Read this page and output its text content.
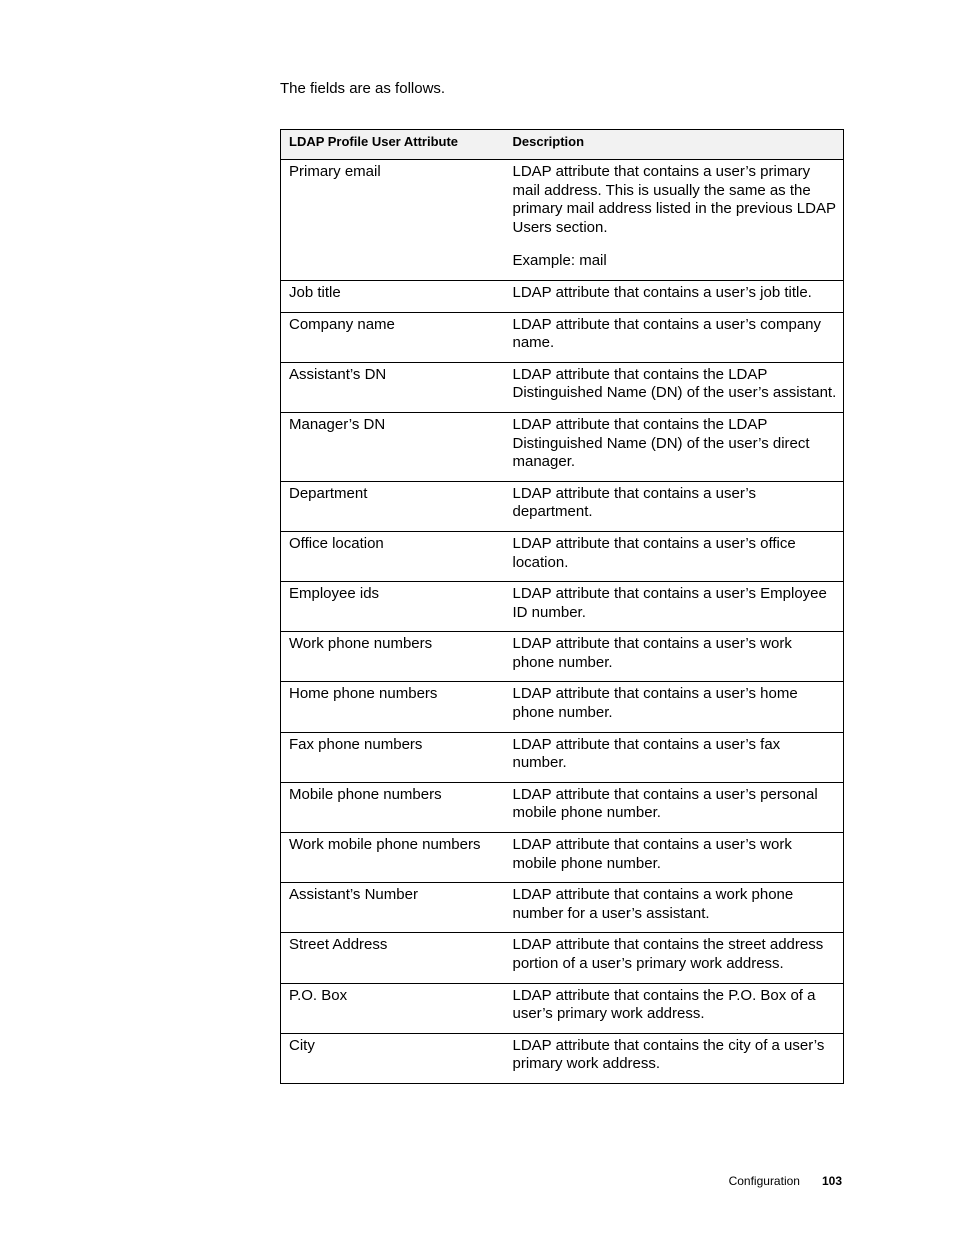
The fields are as follows.

LDAP Profile User Attribute	Description
Primary email	LDAP attribute that contains a user’s primary mail address. This is usually the same as the primary mail address listed in the previous LDAP Users section.

Example: mail

Job title	LDAP attribute that contains a user’s job title.
Company name	LDAP attribute that contains a user’s company name.
Assistant’s DN	LDAP attribute that contains the LDAP Distinguished Name (DN) of the user’s assistant.
Manager’s DN	LDAP attribute that contains the LDAP Distinguished Name (DN) of the user’s direct manager.
Department	LDAP attribute that contains a user’s department.
Office location	LDAP attribute that contains a user’s office location.
Employee ids	LDAP attribute that contains a user’s Employee ID number.
Work phone numbers	LDAP attribute that contains a user’s work phone number.
Home phone numbers	LDAP attribute that contains a user’s home phone number.
Fax phone numbers	LDAP attribute that contains a user’s fax number.
Mobile phone numbers	LDAP attribute that contains a user’s personal mobile phone number.
Work mobile phone numbers	LDAP attribute that contains a user’s work mobile phone number.
Assistant’s Number	LDAP attribute that contains a work phone number for a user’s assistant.
Street Address	LDAP attribute that contains the street address portion of a user’s primary work address.
P.O. Box	LDAP attribute that contains the P.O. Box of a user’s primary work address.
City	LDAP attribute that contains the city of a user’s primary work address.
Configuration 103
